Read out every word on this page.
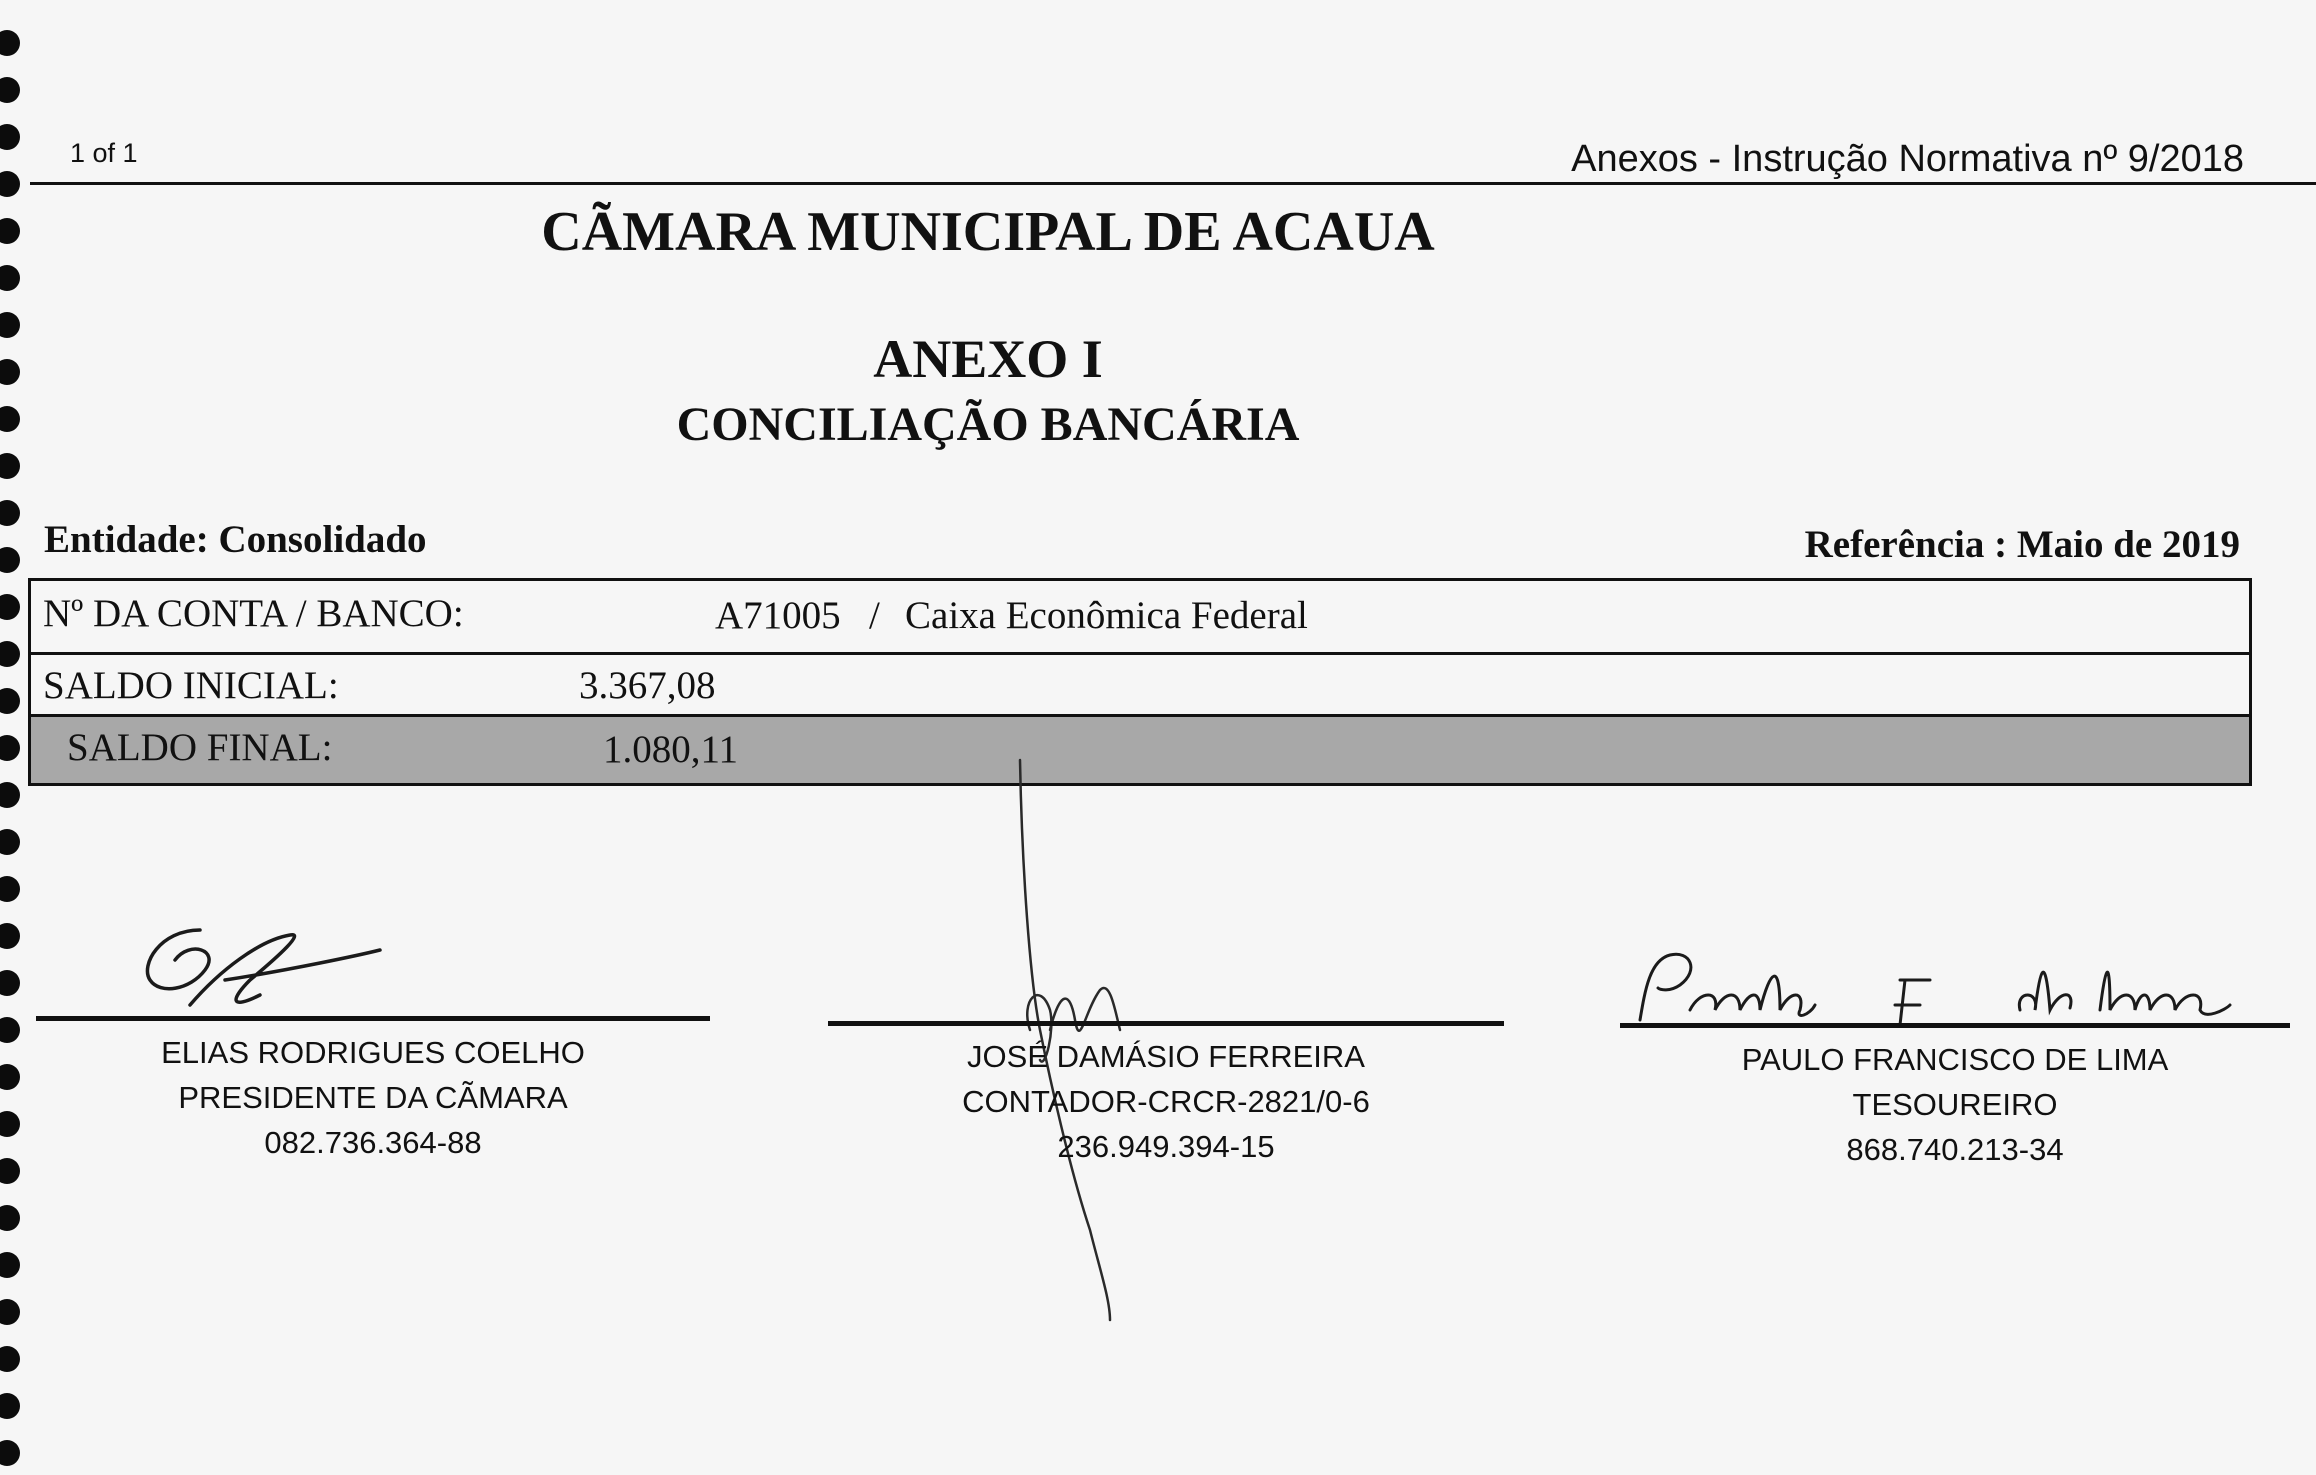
1 of 1	Anexos - Instrução Normativa nº 9/2018
CÃMARA MUNICIPAL DE ACAUA
ANEXO I
CONCILIAÇÃO BANCÁRIA
Entidade: Consolidado	Referência : Maio de 2019
Nº DA CONTA / BANCO:	A71005 / Caixa Econômica Federal
SALDO INICIAL:	3.367,08
SALDO FINAL:	1.080,11
ELIAS RODRIGUES COELHO
PRESIDENTE DA CÃMARA
082.736.364-88
JOSÉ DAMÁSIO FERREIRA
CONTADOR-CRCR-2821/0-6
236.949.394-15
PAULO FRANCISCO DE LIMA
TESOUREIRO
868.740.213-34
